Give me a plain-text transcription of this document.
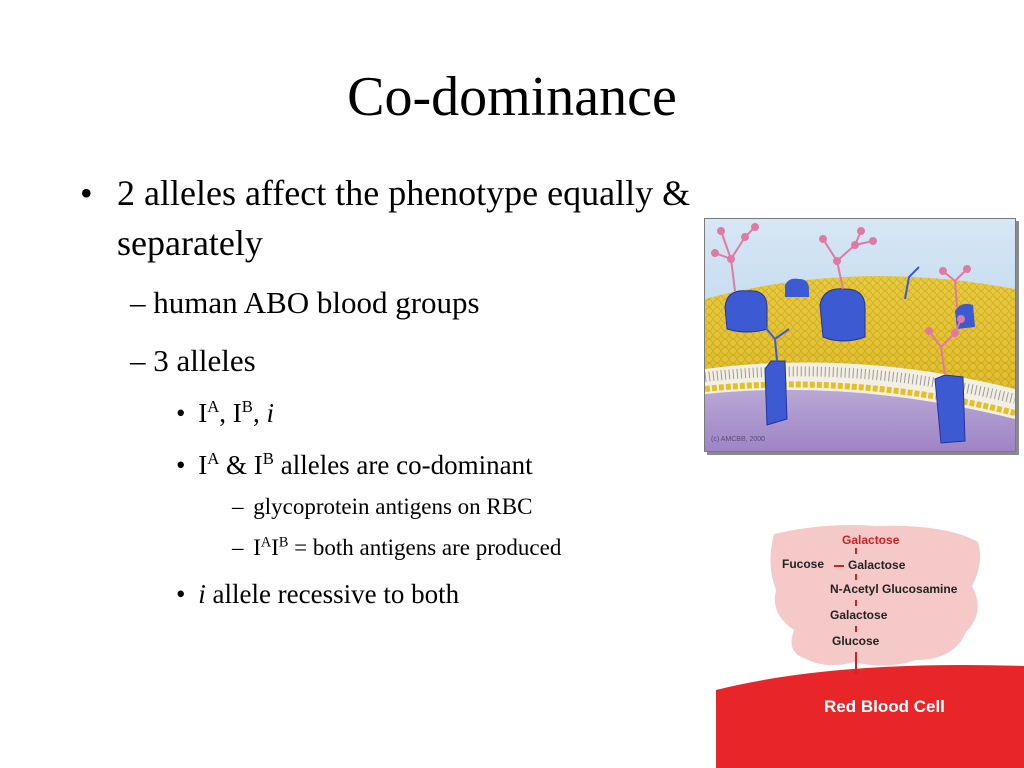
Co-dominance
• 2 alleles affect the phenotype equally & separately
– human ABO blood groups
– 3 alleles
• $I^A$, $I^B$, i
• $I^A$ & $I^B$ alleles are co-dominant
– glycoprotein antigens on RBC
– $I^AI^B$ = both antigens are produced
• i allele recessive to both
(c) AMCBB, 2000
Galactose
Fucose Galactose
N-Acetyl Glucosamine
Galactose
Glucose
Red Blood Cell
